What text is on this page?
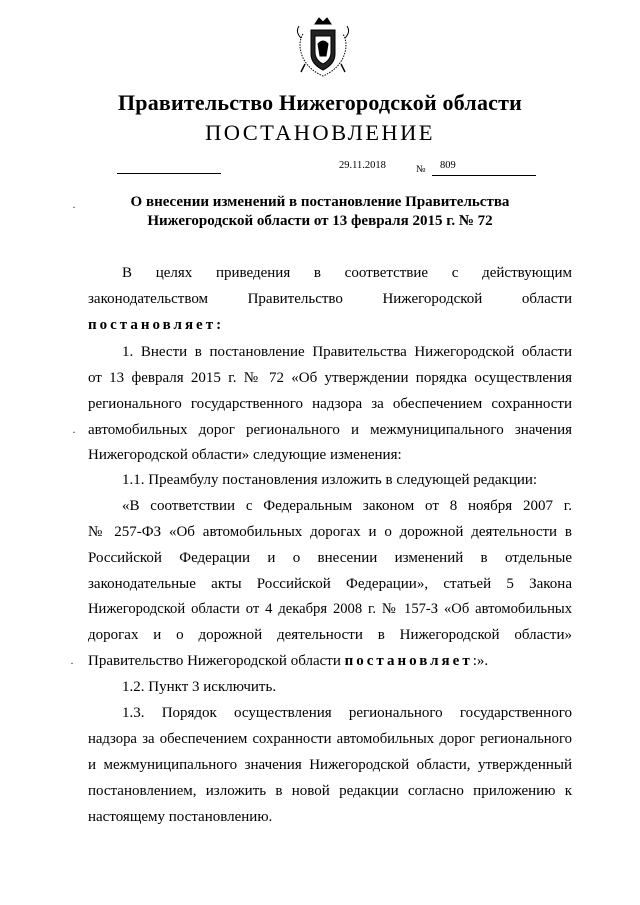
Правительство Нижегородской области
ПОСТАНОВЛЕНИЕ
29.11.2018	№ 809
О внесении изменений в постановление Правительства
Нижегородской области от 13 февраля 2015 г. № 72
В целях приведения в соответствие с действующим
законодательством Правительство Нижегородской области
постановляет:
1. Внести в постановление Правительства Нижегородской области
от 13 февраля 2015 г. № 72 «Об утверждении порядка осуществления
регионального государственного надзора за обеспечением сохранности
автомобильных дорог регионального и межмуниципального значения
Нижегородской области» следующие изменения:
1.1. Преамбулу постановления изложить в следующей редакции:
«В соответствии с Федеральным законом от 8 ноября 2007 г.
№ 257-ФЗ «Об автомобильных дорогах и о дорожной деятельности в
Российской Федерации и о внесении изменений в отдельные
законодательные акты Российской Федерации», статьей 5 Закона
Нижегородской области от 4 декабря 2008 г. № 157-З «Об автомобильных
дорогах и о дорожной деятельности в Нижегородской области»
Правительство Нижегородской области постановляет:».
1.2. Пункт 3 исключить.
1.3. Порядок осуществления регионального государственного
надзора за обеспечением сохранности автомобильных дорог регионального
и межмуниципального значения Нижегородской области, утвержденный
постановлением, изложить в новой редакции согласно приложению к
настоящему постановлению.
·
·
·
